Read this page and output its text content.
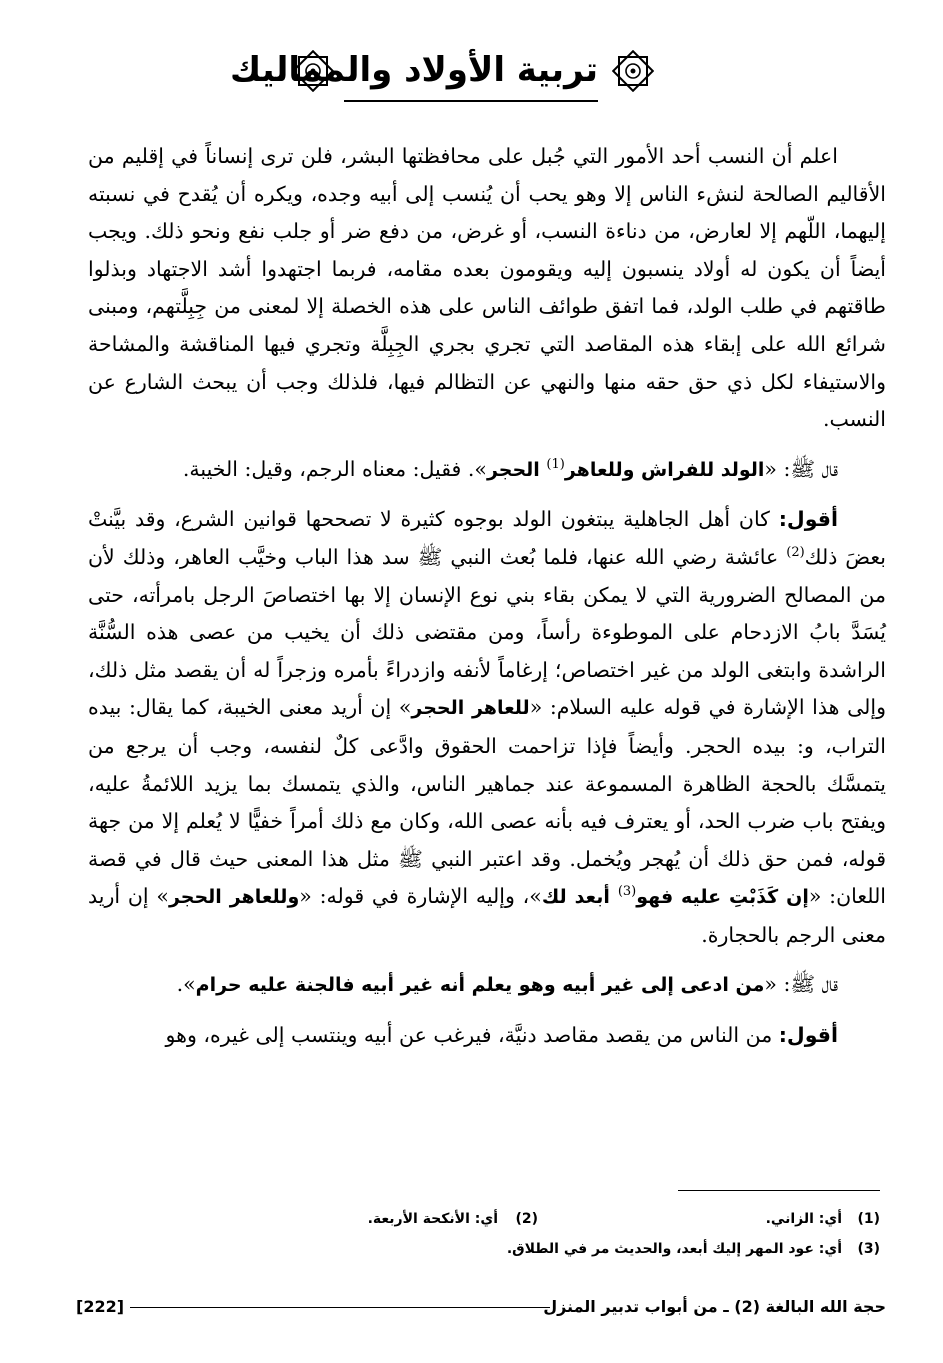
تربية الأولاد والمماليك

اعلم أن النسب أحد الأمور التي جُبل على محافظتها البشر، فلن ترى إنساناً في إقليم من الأقاليم الصالحة لنشء الناس إلا وهو يحب أن يُنسب إلى أبيه وجده، ويكره أن يُقدح في نسبته إليهما، اللّهم إلا لعارض، من دناءة النسب، أو غرض، من دفع ضر أو جلب نفع ونحو ذلك. ويجب أيضاً أن يكون له أولاد ينسبون إليه ويقومون بعده مقامه، فربما اجتهدوا أشد الاجتهاد وبذلوا طاقتهم في طلب الولد، فما اتفق طوائف الناس على هذه الخصلة إلا لمعنى من جِبِلَّتهم، ومبنى شرائع الله على إبقاء هذه المقاصد التي تجري بجري الجِبِلَّة وتجري فيها المناقشة والمشاحة والاستيفاء لكل ذي حق حقه منها والنهي عن التظالم فيها، فلذلك وجب أن يبحث الشارع عن النسب.

قال ﷺ: «الولد للفراش وللعاهر$^{(1)}$ الحجر». فقيل: معناه الرجم، وقيل: الخيبة.

أقول: كان أهل الجاهلية يبتغون الولد بوجوه كثيرة لا تصححها قوانين الشرع، وقد بيَّنتْ بعضَ ذلك$^{(2)}$ عائشة رضي الله عنها، فلما بُعث النبي ﷺ سد هذا الباب وخيَّب العاهر، وذلك لأن من المصالح الضرورية التي لا يمكن بقاء بني نوع الإنسان إلا بها اختصاصَ الرجل بامرأته، حتى يُسَدَّ بابُ الازدحام على الموطوءة رأساً، ومن مقتضى ذلك أن يخيب من عصى هذه السُّنَّة الراشدة وابتغى الولد من غير اختصاص؛ إرغاماً لأنفه وازدراءً بأمره وزجراً له أن يقصد مثل ذلك، وإلى هذا الإشارة في قوله عليه السلام: «للعاهر الحجر» إن أريد معنى الخيبة، كما يقال: بيده التراب، و: بيده الحجر. وأيضاً فإذا تزاحمت الحقوق وادَّعى كلٌ لنفسه، وجب أن يرجع من يتمسَّك بالحجة الظاهرة المسموعة عند جماهير الناس، والذي يتمسك بما يزيد اللائمةُ عليه، ويفتح باب ضرب الحد، أو يعترف فيه بأنه عصى الله، وكان مع ذلك أمراً خفيًّا لا يُعلم إلا من جهة قوله، فمن حق ذلك أن يُهجر ويُخمل. وقد اعتبر النبي ﷺ مثل هذا المعنى حيث قال في قصة اللعان: «إن كَذَبْتِ عليه فهو$^{(3)}$ أبعد لك»، وإليه الإشارة في قوله: «وللعاهر الحجر» إن أريد معنى الرجم بالحجارة.

قال ﷺ: «من ادعى إلى غير أبيه وهو يعلم أنه غير أبيه فالجنة عليه حرام».

أقول: من الناس من يقصد مقاصد دنيَّة، فيرغب عن أبيه وينتسب إلى غيره، وهو

(1)
أي: الزاني.
(2)
أي: الأنكحة الأربعة.
(3)
أي: عود المهر إليك أبعد، والحديث مر في الطلاق.
حجة الله البالغة (2) ـ من أبواب تدبير المنزل
[222]
